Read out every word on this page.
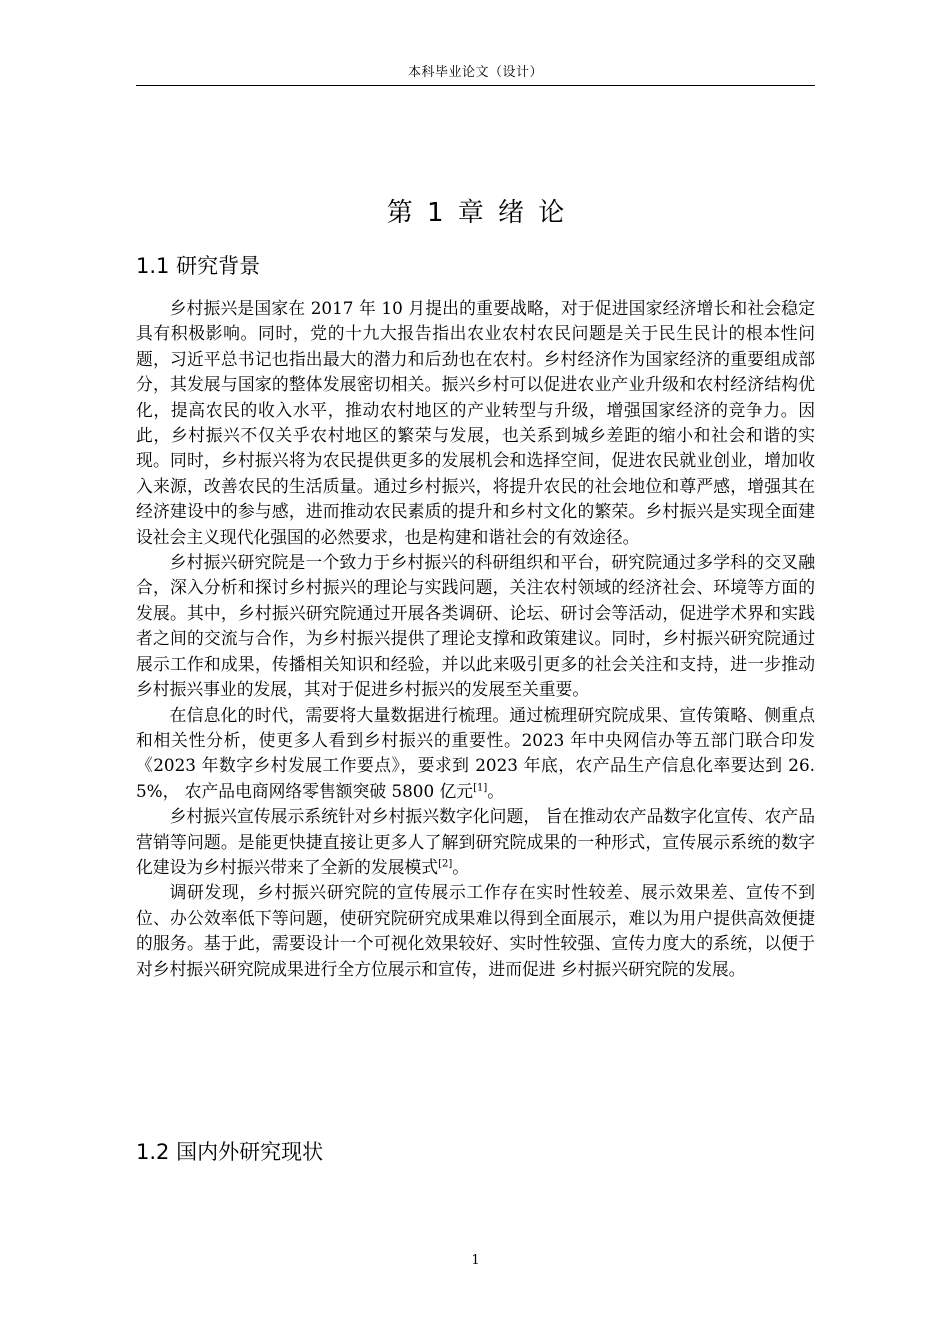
本科毕业论文（设计）
第 1 章 绪 论
1.1 研究背景

乡村振兴是国家在 2017 年 10 月提出的重要战略，对于促进国家经济增长和社会稳定具有积极影响。同时，党的十九大报告指出农业农村农民问题是关于民生民计的根本性问题，习近平总书记也指出最大的潜力和后劲也在农村。乡村经济作为国家经济的重要组成部分，其发展与国家的整体发展密切相关。振兴乡村可以促进农业产业升级和农村经济结构优化，提高农民的收入水平，推动农村地区的产业转型与升级，增强国家经济的竞争力。因此，乡村振兴不仅关乎农村地区的繁荣与发展，也关系到城乡差距的缩小和社会和谐的实现。同时，乡村振兴将为农民提供更多的发展机会和选择空间，促进农民就业创业，增加收入来源，改善农民的生活质量。通过乡村振兴，将提升农民的社会地位和尊严感，增强其在经济建设中的参与感，进而推动农民素质的提升和乡村文化的繁荣。乡村振兴是实现全面建设社会主义现代化强国的必然要求，也是构建和谐社会的有效途径。

乡村振兴研究院是一个致力于乡村振兴的科研组织和平台，研究院通过多学科的交叉融合，深入分析和探讨乡村振兴的理论与实践问题，关注农村领域的经济社会、环境等方面的发展。其中，乡村振兴研究院通过开展各类调研、论坛、研讨会等活动，促进学术界和实践者之间的交流与合作，为乡村振兴提供了理论支撑和政策建议。同时，乡村振兴研究院通过展示工作和成果，传播相关知识和经验，并以此来吸引更多的社会关注和支持，进一步推动乡村振兴事业的发展，其对于促进乡村振兴的发展至关重要。

在信息化的时代，需要将大量数据进行梳理。通过梳理研究院成果、宣传策略、侧重点和相关性分析，使更多人看到乡村振兴的重要性。2023 年中央网信办等五部门联合印发《2023 年数字乡村发展工作要点》，要求到 2023 年底，农产品生产信息化率要达到 26.5%， 农产品电商网络零售额突破 5800 亿元[1]。

乡村振兴宣传展示系统针对乡村振兴数字化问题， 旨在推动农产品数字化宣传、农产品营销等问题。是能更快捷直接让更多人了解到研究院成果的一种形式，宣传展示系统的数字化建设为乡村振兴带来了全新的发展模式[2]。

调研发现，乡村振兴研究院的宣传展示工作存在实时性较差、展示效果差、宣传不到位、办公效率低下等问题，使研究院研究成果难以得到全面展示，难以为用户提供高效便捷的服务。基于此，需要设计一个可视化效果较好、实时性较强、宣传力度大的系统，以便于对乡村振兴研究院成果进行全方位展示和宣传，进而促进 乡村振兴研究院的发展。

1.2 国内外研究现状
1
